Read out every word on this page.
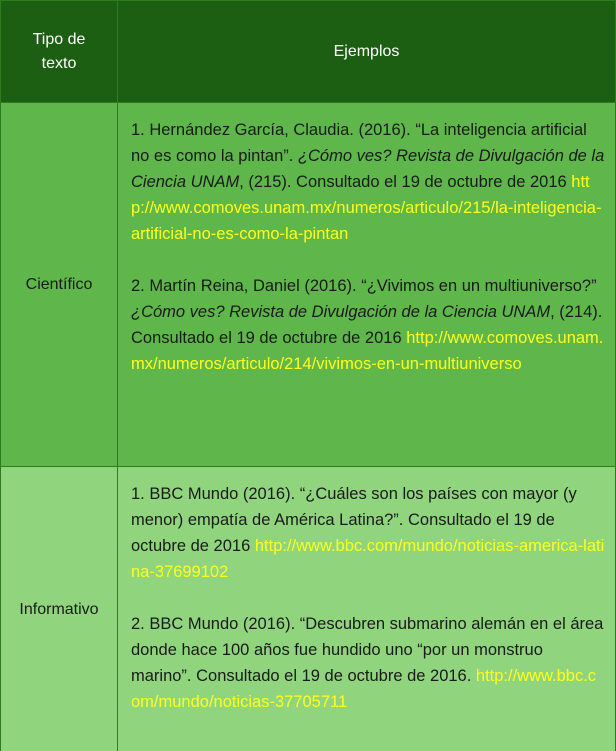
Tipo de texto	Ejemplos
Científico	1. Hernández García, Claudia. (2016). “La inteligencia artificial no es como la pintan”. ¿Cómo ves? Revista de Divulgación de la Ciencia UNAM, (215). Consultado el 19 de octubre de 2016 http://www.comoves.unam.mx/numeros/articulo/215/la-inteligencia-artificial-no-es-como-la-pintan

2. Martín Reina, Daniel (2016). “¿Vivimos en un multiuniverso?” ¿Cómo ves? Revista de Divulgación de la Ciencia UNAM, (214). Consultado el 19 de octubre de 2016 http://www.comoves.unam.mx/numeros/articulo/214/vivimos-en-un-multiuniverso

Informativo	1. BBC Mundo (2016). “¿Cuáles son los países con mayor (y menor) empatía de América Latina?”. Consultado el 19 de octubre de 2016 http://www.bbc.com/mundo/noticias-america-latina-37699102

2. BBC Mundo (2016). “Descubren submarino alemán en el área donde hace 100 años fue hundido uno “por un monstruo marino”. Consultado el 19 de octubre de 2016. http://www.bbc.com/mundo/noticias-37705711
